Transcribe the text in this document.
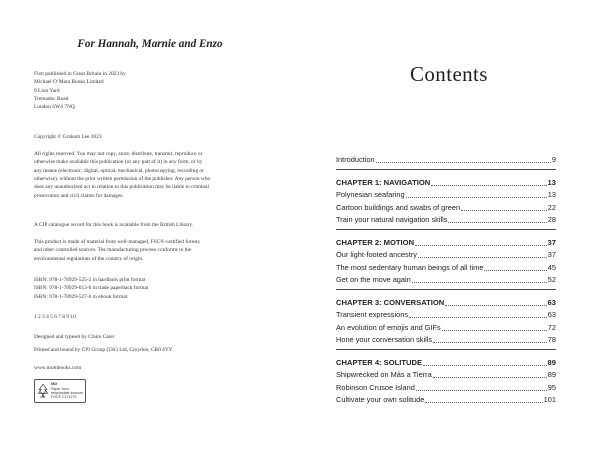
For Hannah, Marnie and Enzo
First published in Great Britain in 2023 by
Michael O’Mara Books Limited
9 Lion Yard
Tremadoc Road
London SW4 7NQ
Copyright © Graham Lee 2023
All rights reserved. You may not copy, store, distribute, transmit, reproduce or
otherwise make available this publication (or any part of it) in any form, or by
any means (electronic, digital, optical, mechanical, photocopying, recording or
otherwise), without the prior written permission of the publisher. Any person who
does any unauthorized act in relation to this publication may be liable to criminal
prosecution and civil claims for damages.
A CIP catalogue record for this book is available from the British Library.
This product is made of material from well-managed, FSC®-certified forests
and other controlled sources. The manufacturing process conforms to the
environmental regulations of the country of origin.
ISBN: 978-1-78929-525-2 in hardback print format
ISBN: 978-1-78929-613-6 in trade paperback format
ISBN: 978-1-78929-527-6 in ebook format
1 2 3 4 5 6 7 8 9 10
Designed and typeset by Claire Cater
Printed and bound by CPI Group (UK) Ltd, Croydon, CR0 4YY
www.mombooks.com
FSC
MIX
Paper from
responsible sources
FSC® C171272
Contents
Introduction	9
CHAPTER 1: NAVIGATION	13
Polynesian seafaring	13
Cartoon buildings and swabs of green	22
Train your natural navigation skills	28
CHAPTER 2: MOTION	37
Our light-footed ancestry	37
The most sedentary human beings of all time	45
Get on the move again	52
CHAPTER 3: CONVERSATION	63
Transient expressions	63
An evolution of emojis and GIFs	72
Hone your conversation skills	78
CHAPTER 4: SOLITUDE	89
Shipwrecked on Más a Tierra	89
Robinson Crusoe Island	95
Cultivate your own solitude	101
